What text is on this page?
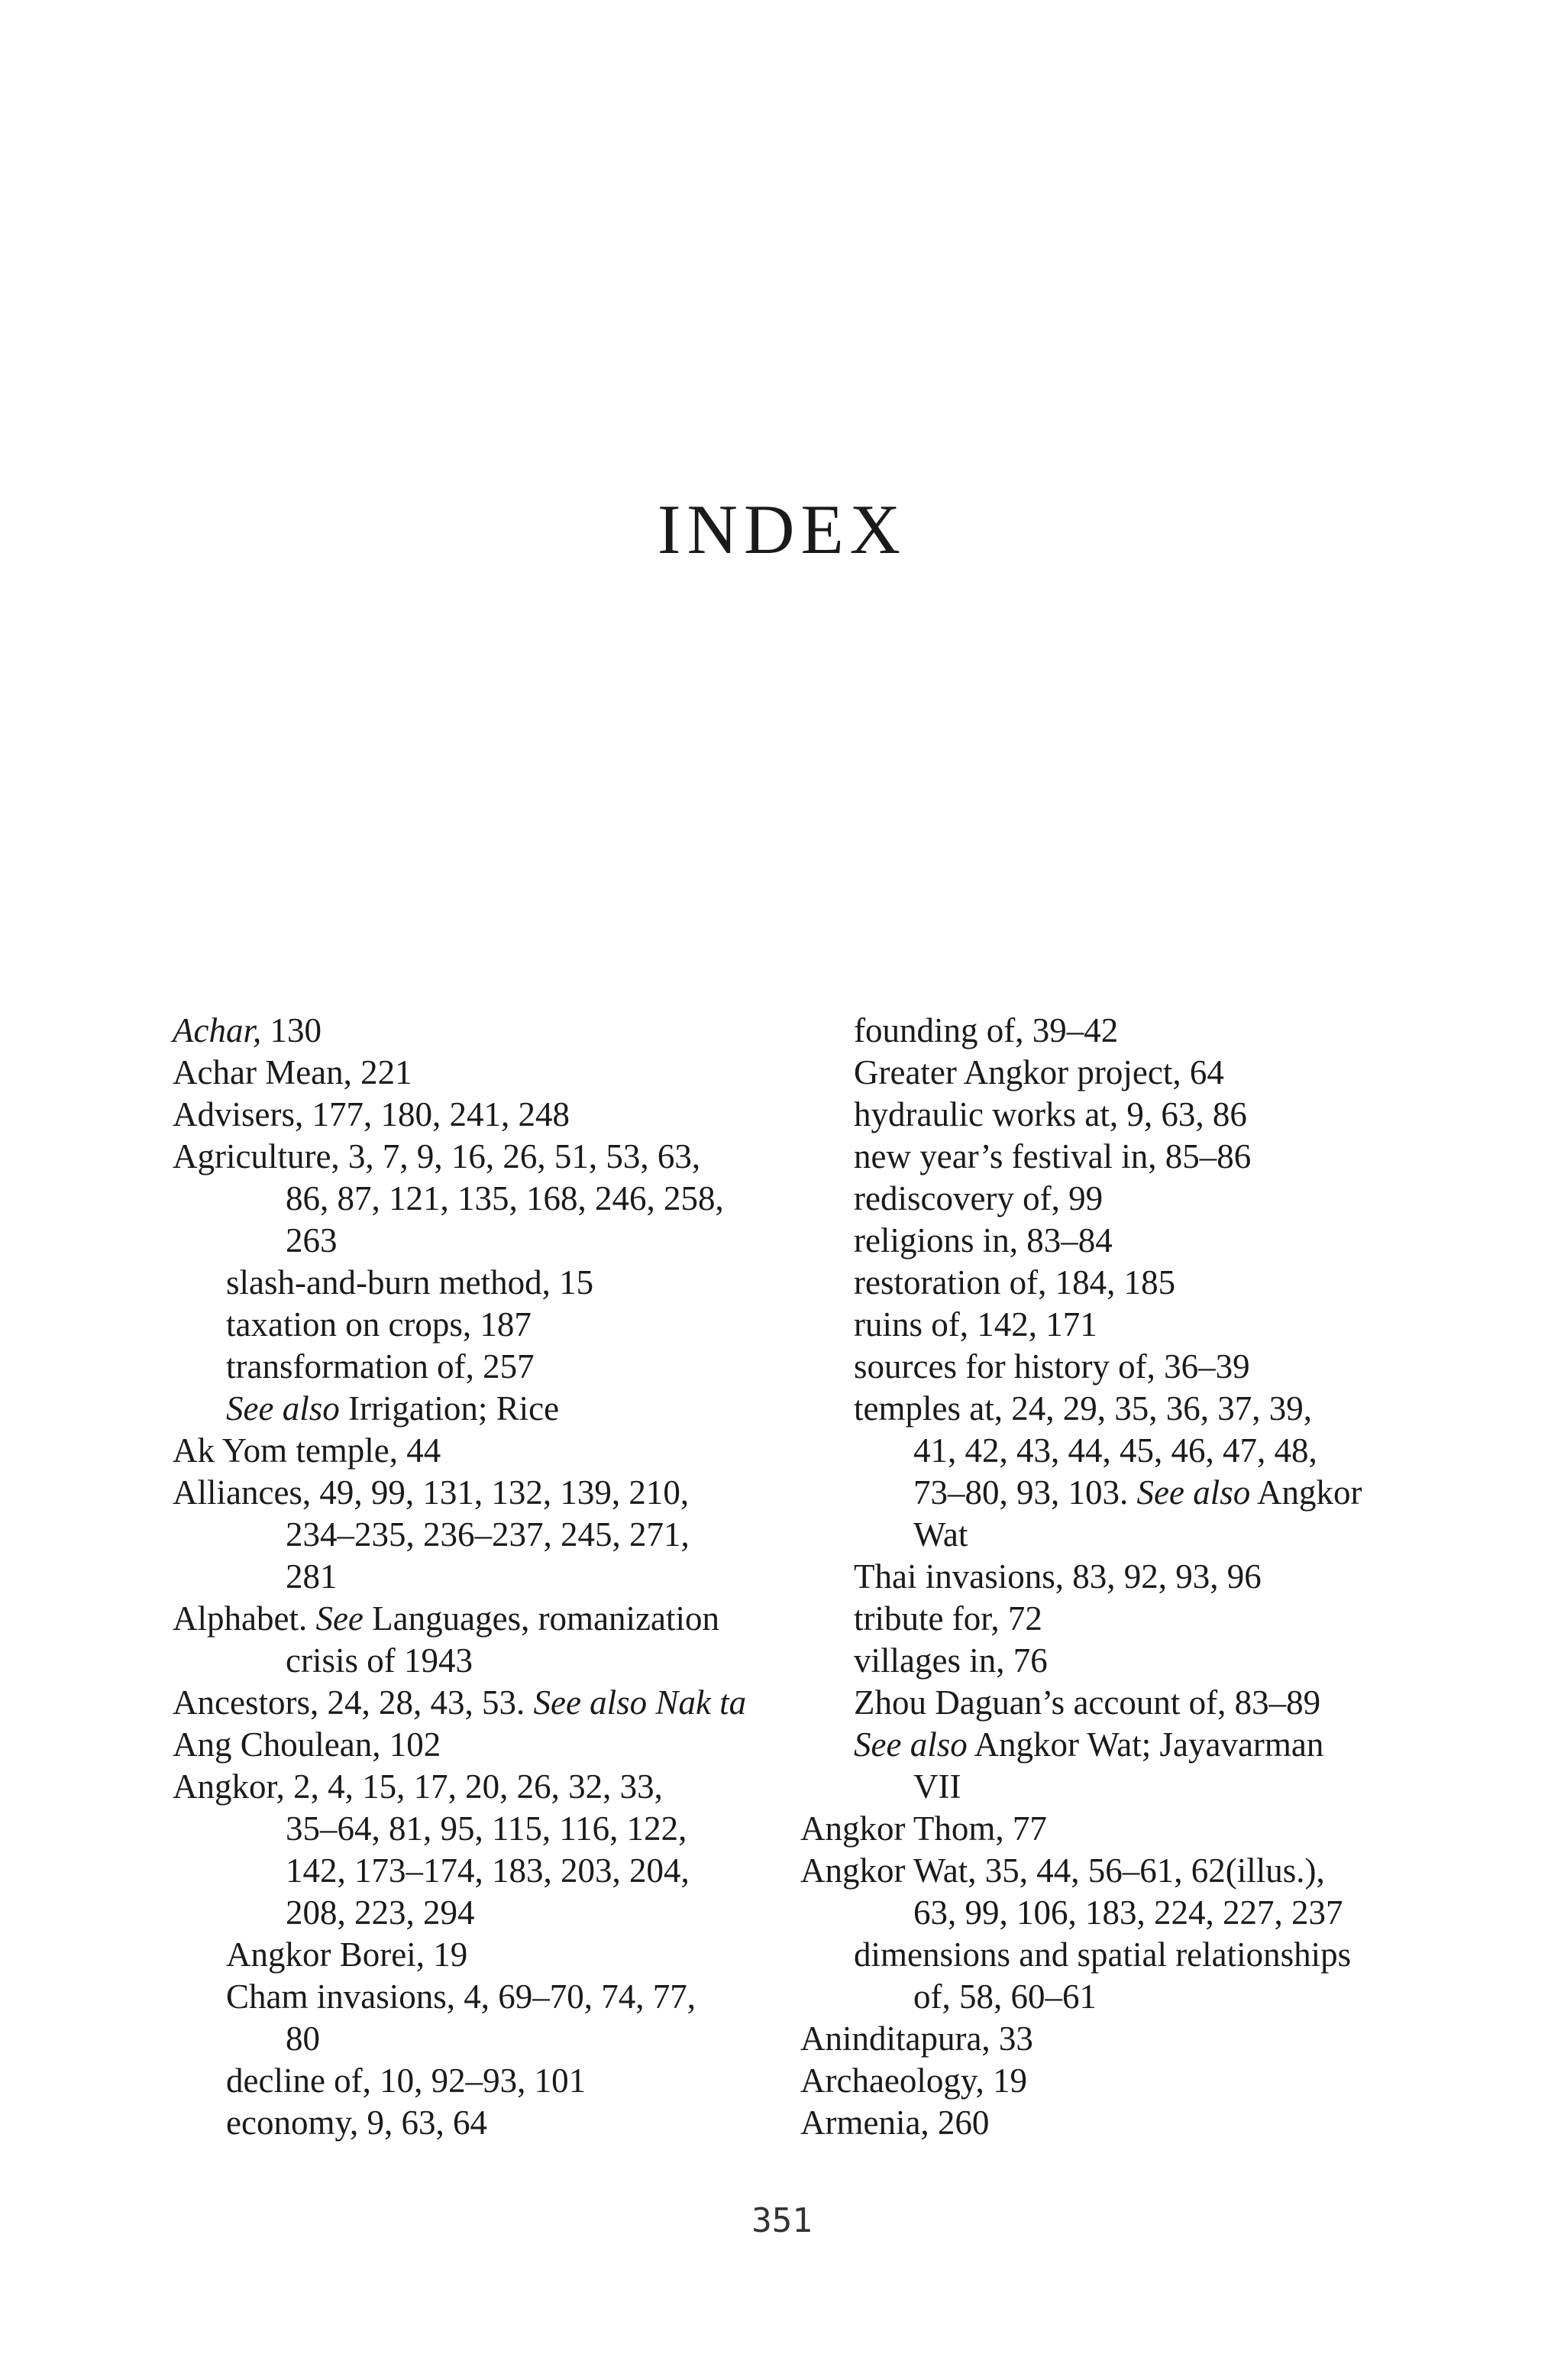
INDEX
Achar, 130
Achar Mean, 221
Advisers, 177, 180, 241, 248
Agriculture, 3, 7, 9, 16, 26, 51, 53, 63,
86, 87, 121, 135, 168, 246, 258,
263
slash-and-burn method, 15
taxation on crops, 187
transformation of, 257
See also Irrigation; Rice
Ak Yom temple, 44
Alliances, 49, 99, 131, 132, 139, 210,
234–235, 236–237, 245, 271,
281
Alphabet. See Languages, romanization
crisis of 1943
Ancestors, 24, 28, 43, 53. See also Nak ta
Ang Choulean, 102
Angkor, 2, 4, 15, 17, 20, 26, 32, 33,
35–64, 81, 95, 115, 116, 122,
142, 173–174, 183, 203, 204,
208, 223, 294
Angkor Borei, 19
Cham invasions, 4, 69–70, 74, 77,
80
decline of, 10, 92–93, 101
economy, 9, 63, 64
founding of, 39–42
Greater Angkor project, 64
hydraulic works at, 9, 63, 86
new year’s festival in, 85–86
rediscovery of, 99
religions in, 83–84
restoration of, 184, 185
ruins of, 142, 171
sources for history of, 36–39
temples at, 24, 29, 35, 36, 37, 39,
41, 42, 43, 44, 45, 46, 47, 48,
73–80, 93, 103. See also Angkor
Wat
Thai invasions, 83, 92, 93, 96
tribute for, 72
villages in, 76
Zhou Daguan’s account of, 83–89
See also Angkor Wat; Jayavarman
VII
Angkor Thom, 77
Angkor Wat, 35, 44, 56–61, 62(illus.),
63, 99, 106, 183, 224, 227, 237
dimensions and spatial relationships
of, 58, 60–61
Aninditapura, 33
Archaeology, 19
Armenia, 260
351
